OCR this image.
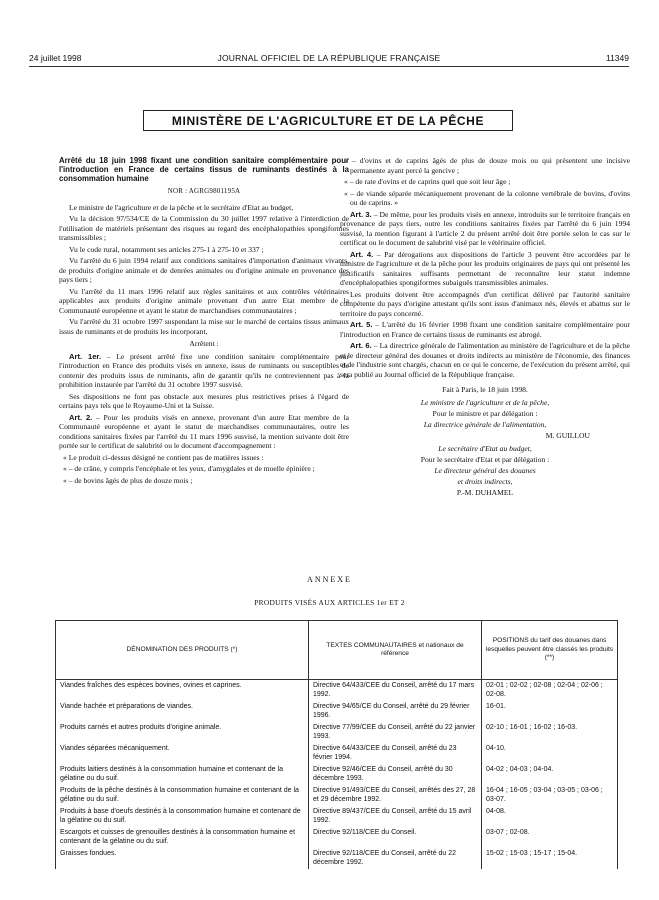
24 juillet 1998	JOURNAL OFFICIEL DE LA RÉPUBLIQUE FRANÇAISE	11349
MINISTÈRE DE L'AGRICULTURE ET DE LA PÊCHE
Arrêté du 18 juin 1998 fixant une condition sanitaire complémentaire pour l'introduction en France de certains tissus de ruminants destinés à la consommation humaine
NOR : AGRG9801195A

Le ministre de l'agriculture et de la pêche et le secrétaire d'Etat au budget,

Vu la décision 97/534/CE de la Commission du 30 juillet 1997 relative à l'interdiction de l'utilisation de matériels présentant des risques au regard des encéphalopathies spongiformes transmissibles ;

Vu le code rural, notamment ses articles 275-1 à 275-10 et 337 ;

Vu l'arrêté du 6 juin 1994 relatif aux conditions sanitaires d'importation d'animaux vivants, de produits d'origine animale et de denrées animales ou d'origine animale en provenance des pays tiers ;

Vu l'arrêté du 11 mars 1996 relatif aux règles sanitaires et aux contrôles vétérinaires applicables aux produits d'origine animale provenant d'un autre Etat membre de la Communauté européenne et ayant le statut de marchandises communautaires ;

Vu l'arrêté du 31 octobre 1997 suspendant la mise sur le marché de certains tissus animaux issus de ruminants et de produits les incorporant,

Arrêtent :

Art. 1er. – Le présent arrêté fixe une condition sanitaire complémentaire pour l'introduction en France des produits visés en annexe, issus de ruminants ou susceptibles de contenir des produits issus de ruminants, afin de garantir qu'ils ne contreviennent pas à la prohibition instaurée par l'arrêté du 31 octobre 1997 susvisé.

Ses dispositions ne font pas obstacle aux mesures plus restrictives prises à l'égard de certains pays tels que le Royaume-Uni et la Suisse.

Art. 2. – Pour les produits visés en annexe, provenant d'un autre Etat membre de la Communauté européenne et ayant le statut de marchandises communautaires, outre les conditions sanitaires fixées par l'arrêté du 11 mars 1996 susvisé, la mention suivante doit être portée sur le certificat de salubrité ou le document d'accompagnement :

« Le produit ci-dessus désigné ne contient pas de matières issues :

« – de crâne, y compris l'encéphale et les yeux, d'amygdales et de moelle épinière ;

« – de bovins âgés de plus de douze mois ;

« – d'ovins et de caprins âgés de plus de douze mois ou qui présentent une incisive permanente ayant percé la gencive ;

« – de rate d'ovins et de caprins quel que soit leur âge ;

« – de viande séparée mécaniquement provenant de la colonne vertébrale de bovins, d'ovins ou de caprins. »

Art. 3. – De même, pour les produits visés en annexe, introduits sur le territoire français en provenance de pays tiers, outre les conditions sanitaires fixées par l'arrêté du 6 juin 1994 susvisé, la mention figurant à l'article 2 du présent arrêté doit être portée selon le cas sur le certificat ou le document de salubrité visé par le vétérinaire officiel.

Art. 4. – Par dérogations aux dispositions de l'article 3 peuvent être accordées par le ministre de l'agriculture et de la pêche pour les produits originaires de pays qui ont présenté les justificatifs sanitaires suffisants permettant de reconnaître leur statut indemne d'encéphalopathies spongiformes subaiguës transmissibles animales.

Les produits doivent être accompagnés d'un certificat délivré par l'autorité sanitaire compétente du pays d'origine attestant qu'ils sont issus d'animaux nés, élevés et abattus sur le territoire du pays concerné.

Art. 5. – L'arrêté du 16 février 1998 fixant une condition sanitaire complémentaire pour l'introduction en France de certains tissus de ruminants est abrogé.

Art. 6. – La directrice générale de l'alimentation au ministère de l'agriculture et de la pêche et le directeur général des douanes et droits indirects au ministère de l'économie, des finances et de l'industrie sont chargés, chacun en ce qui le concerne, de l'exécution du présent arrêté, qui sera publié au Journal officiel de la République française.

Fait à Paris, le 18 juin 1998.

Le ministre de l'agriculture et de la pêche,

Pour le ministre et par délégation :

La directrice générale de l'alimentation,

M. GUILLOU

Le secrétaire d'Etat au budget,

Pour le secrétaire d'Etat et par délégation :

Le directeur général des douanes

et droits indirects,

P.-M. DUHAMEL

ANNEXE
PRODUITS VISÉS AUX ARTICLES 1er ET 2
DÉNOMINATION DES PRODUITS (*)	TEXTES COMMUNAUTAIRES et nationaux de référence	POSITIONS du tarif des douanes dans lesquelles peuvent être classés les produits (**)
Viandes fraîches des espèces bovines, ovines et caprines.	Directive 64/433/CEE du Conseil, arrêté du 17 mars 1992.	02-01 ; 02-02 ; 02-08 ; 02-04 ; 02-06 ; 02-08.
Viande hachée et préparations de viandes.	Directive 94/65/CE du Conseil, arrêté du 29 février 1996.	16-01.
Produits carnés et autres produits d'origine animale.	Directive 77/99/CEE du Conseil, arrêté du 22 janvier 1993.	02-10 ; 16-01 ; 16-02 ; 16-03.
Viandes séparées mécaniquement.	Directive 64/433/CEE du Conseil, arrêté du 23 février 1994.	04-10.
Produits laitiers destinés à la consommation humaine et contenant de la gélatine ou du suif.	Directive 92/46/CEE du Conseil, arrêté du 30 décembre 1993.	04-02 ; 04-03 ; 04-04.
Produits de la pêche destinés à la consommation humaine et contenant de la gélatine ou du suif.	Directive 91/493/CEE du Conseil, arrêtés des 27, 28 et 29 décembre 1992.	16-04 ; 16-05 ; 03-04 ; 03-05 ; 03-06 ; 03-07.
Produits à base d'oeufs destinés à la consommation humaine et contenant de la gélatine ou du suif.	Directive 89/437/CEE du Conseil, arrêté du 15 avril 1992.	04-08.
Escargots et cuisses de grenouilles destinés à la consommation humaine et contenant de la gélatine ou du suif.	Directive 92/118/CEE du Conseil.	03-07 ; 02-08.
Graisses fondues.	Directive 92/118/CEE du Conseil, arrêté du 22 décembre 1992.	15-02 ; 15-03 ; 15-17 ; 15-04.
